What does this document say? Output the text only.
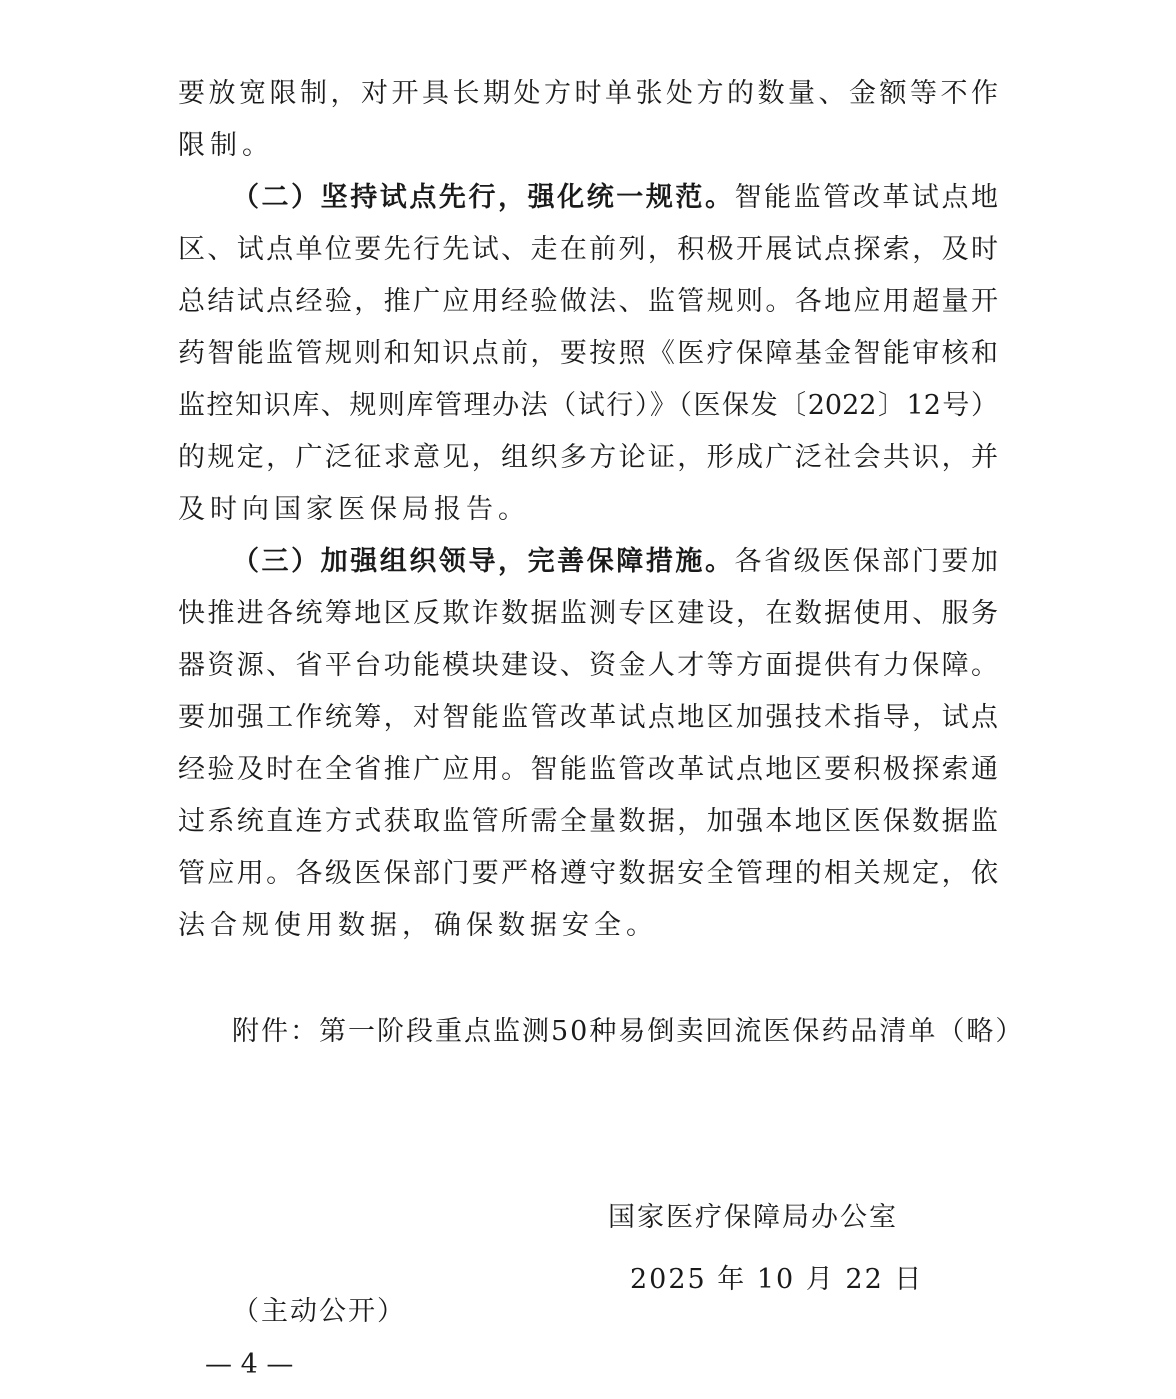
要放宽限制，对开具长期处方时单张处方的数量、金额等不作
限制。
（二）坚持试点先行，强化统一规范。智能监管改革试点地
区、试点单位要先行先试、走在前列，积极开展试点探索，及时
总结试点经验，推广应用经验做法、监管规则。各地应用超量开
药智能监管规则和知识点前，要按照《医疗保障基金智能审核和
监控知识库、规则库管理办法（试行）》（医保发〔2022〕12号）
的规定，广泛征求意见，组织多方论证，形成广泛社会共识，并
及时向国家医保局报告。
（三）加强组织领导，完善保障措施。各省级医保部门要加
快推进各统筹地区反欺诈数据监测专区建设，在数据使用、服务
器资源、省平台功能模块建设、资金人才等方面提供有力保障。
要加强工作统筹，对智能监管改革试点地区加强技术指导，试点
经验及时在全省推广应用。智能监管改革试点地区要积极探索通
过系统直连方式获取监管所需全量数据，加强本地区医保数据监
管应用。各级医保部门要严格遵守数据安全管理的相关规定，依
法合规使用数据，确保数据安全。
附件：第一阶段重点监测50种易倒卖回流医保药品清单（略）
国家医疗保障局办公室
2025 年 10 月 22 日
（主动公开）
— 4 —
